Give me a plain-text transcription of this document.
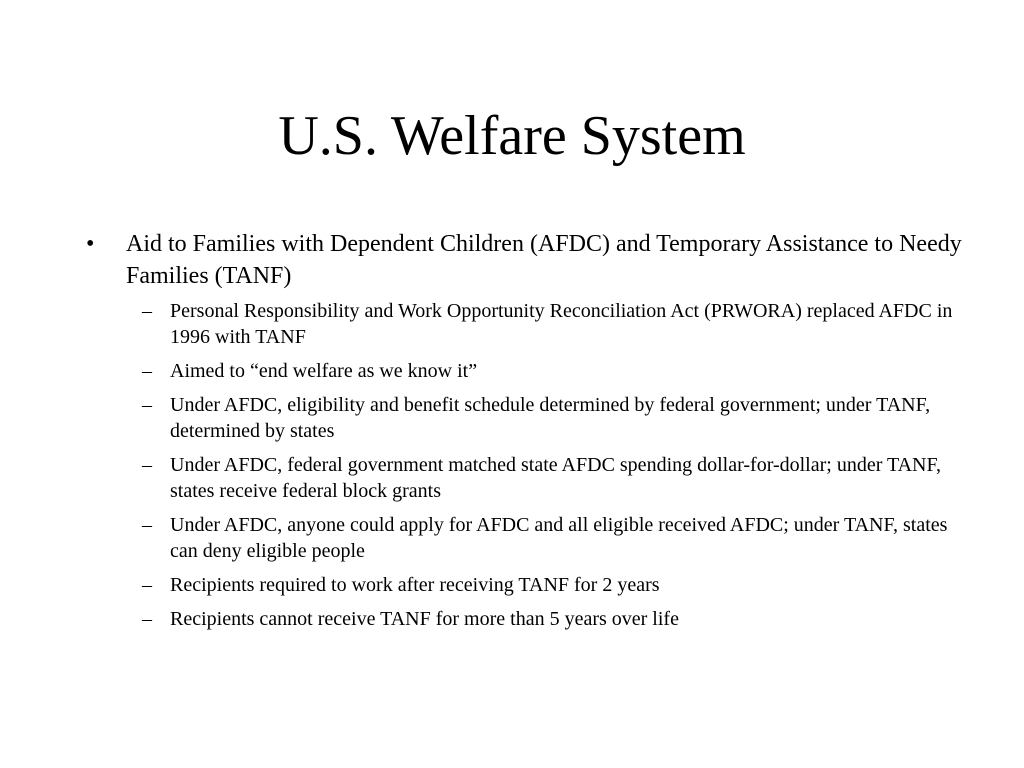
U.S. Welfare System
• Aid to Families with Dependent Children (AFDC) and Temporary Assistance to Needy Families (TANF)
– Personal Responsibility and Work Opportunity Reconciliation Act (PRWORA) replaced AFDC in 1996 with TANF
– Aimed to “end welfare as we know it”
– Under AFDC, eligibility and benefit schedule determined by federal government; under TANF, determined by states
– Under AFDC, federal government matched state AFDC spending dollar-for-dollar; under TANF, states receive federal block grants
– Under AFDC, anyone could apply for AFDC and all eligible received AFDC; under TANF, states can deny eligible people
– Recipients required to work after receiving TANF for 2 years
– Recipients cannot receive TANF for more than 5 years over life
